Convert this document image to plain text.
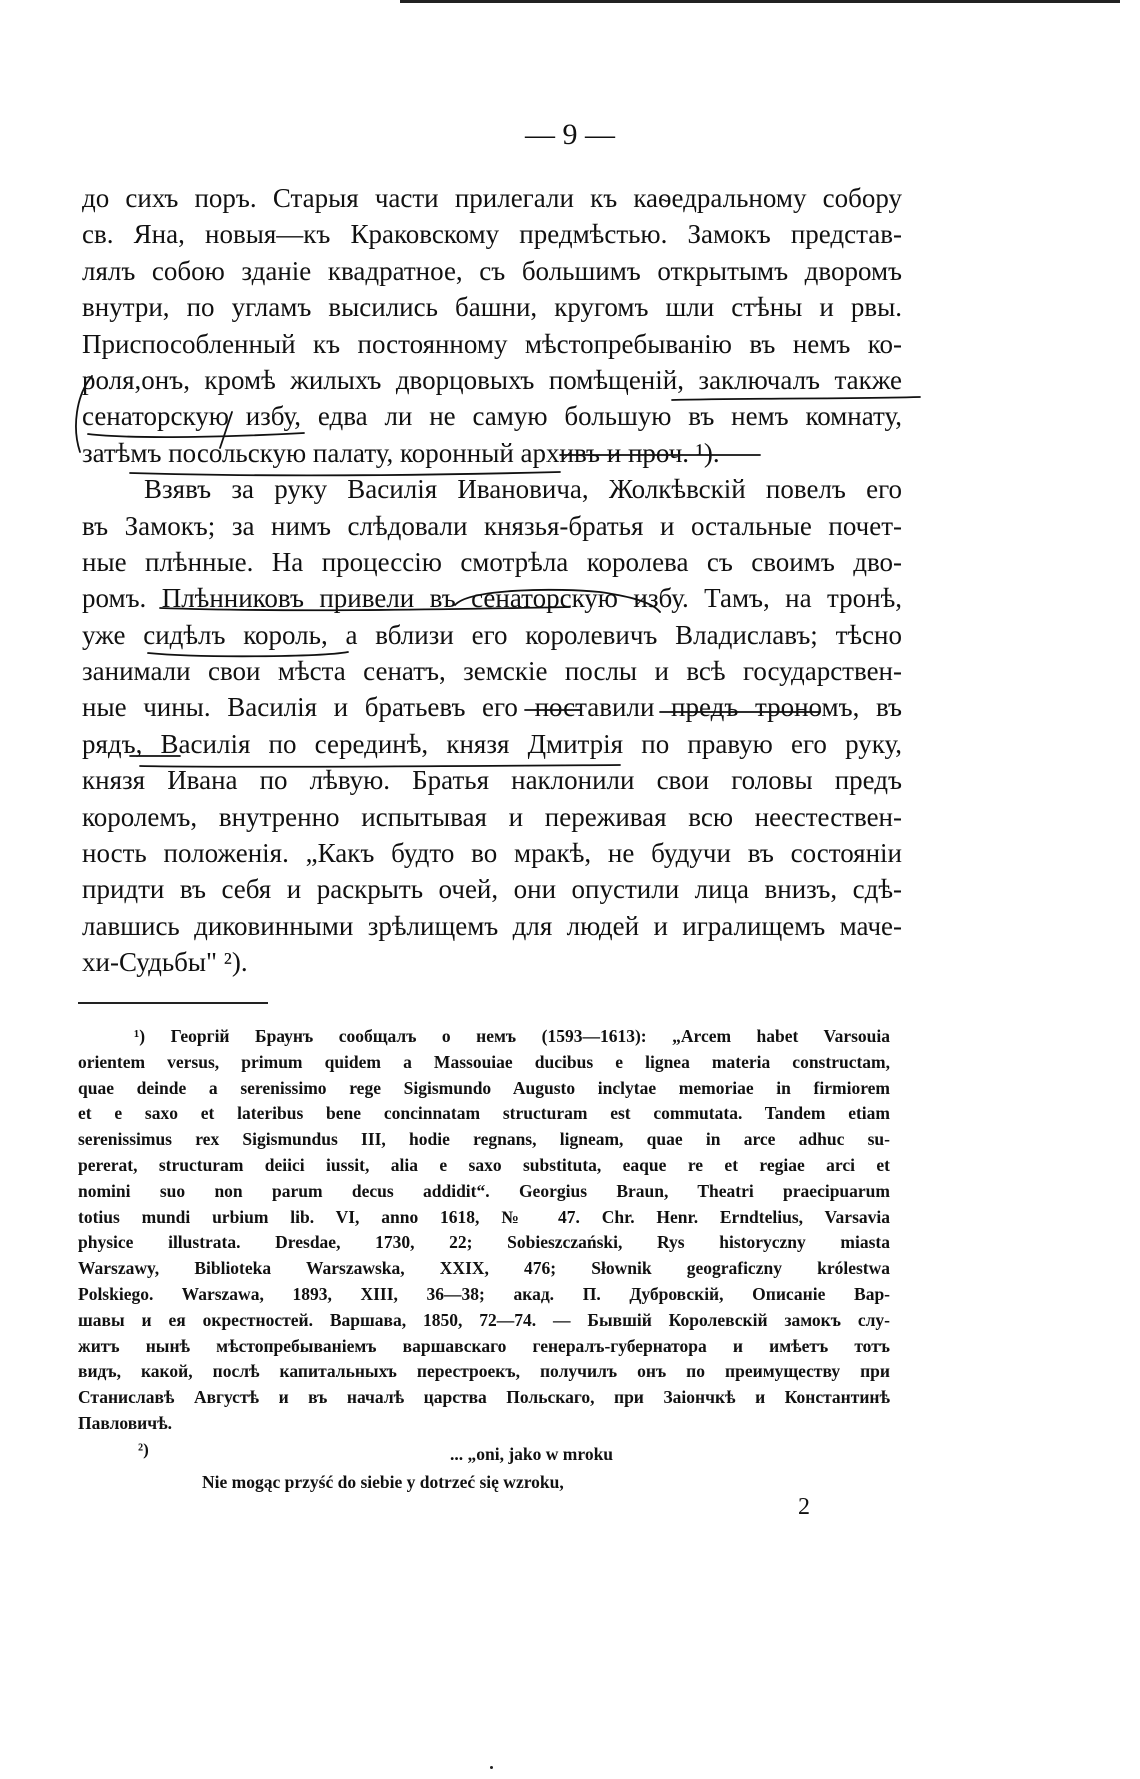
— 9 —
до сихъ поръ. Старыя части прилегали къ каѳедральному собору
св. Яна, новыя—къ Краковскому предмѣстью. Замокъ представ-
лялъ собою зданіе квадратное, съ большимъ открытымъ дворомъ
внутри, по угламъ высились башни, кругомъ шли стѣны и рвы.
Приспособленный къ постоянному мѣстопребыванію въ немъ ко-
роля,онъ, кромѣ жилыхъ дворцовыхъ помѣщеній, заключалъ также
сенаторскую избу, едва ли не самую большую въ немъ комнату,
затѣмъ посольскую палату, коронный архивъ и проч. ¹).
Взявъ за руку Василія Ивановича, Жолкѣвскій повелъ его
въ Замокъ; за нимъ слѣдовали князья-братья и остальные почет-
ные плѣнные. На процессію смотрѣла королева съ своимъ дво-
ромъ. Плѣнниковъ привели въ сенаторскую избу. Тамъ, на тронѣ,
уже сидѣлъ король, а вблизи его королевичъ Владиславъ; тѣсно
занимали свои мѣста сенатъ, земскіе послы и всѣ государствен-
ные чины. Василія и братьевъ его поставили предъ трономъ, въ
рядъ, Василія по серединѣ, князя Дмитрія по правую его руку,
князя Ивана по лѣвую. Братья наклонили свои головы предъ
королемъ, внутренно испытывая и переживая всю неестествен-
ность положенія. „Какъ будто во мракѣ, не будучи въ состояніи
придти въ себя и раскрыть очей, они опустили лица внизъ, сдѣ-
лавшись диковинными зрѣлищемъ для людей и игралищемъ маче-
хи-Судьбы" ²).
¹) Георгій Браунъ сообщалъ о немъ (1593—1613): „Arcem habet Varsouia
orientem versus, primum quidem a Massouiae ducibus e lignea materia constructam,
quae deinde a serenissimo rege Sigismundo Augusto inclytae memoriae in firmiorem
et e saxo et lateribus bene concinnatam structuram est commutata. Tandem etiam
serenissimus rex Sigismundus III, hodie regnans, ligneam, quae in arce adhuc su-
pererat, structuram deiici iussit, alia e saxo substituta, eaque re et regiae arci et
nomini suo non parum decus addidit“. Georgius Braun, Theatri praecipuarum
totius mundi urbium lib. VI, anno 1618, № 47. Chr. Henr. Erndtelius, Varsavia
physice illustrata. Dresdae, 1730, 22; Sobieszczański, Rys historyczny miasta
Warszawy, Biblioteka Warszawska, XXIX, 476; Słownik geograficzny królestwa
Polskiego. Warszawa, 1893, XIII, 36—38; акад. П. Дубровскій, Описаніе Вар-
шавы и ея окрестностей. Варшава, 1850, 72—74. — Бывшій Королевскій замокъ слу-
житъ нынѣ мѣстопребываніемъ варшавскаго генералъ-губернатора и имѣетъ тотъ
видъ, какой, послѣ капитальныхъ перестроекъ, получилъ онъ по преимуществу при
Станиславѣ Августѣ и въ началѣ царства Польскаго, при Заіончкѣ и Константинѣ
Павловичѣ.
²)	... „oni, jako w mroku
Nie mogąc przyść do siebie y dotrzeć się wzroku,
2
